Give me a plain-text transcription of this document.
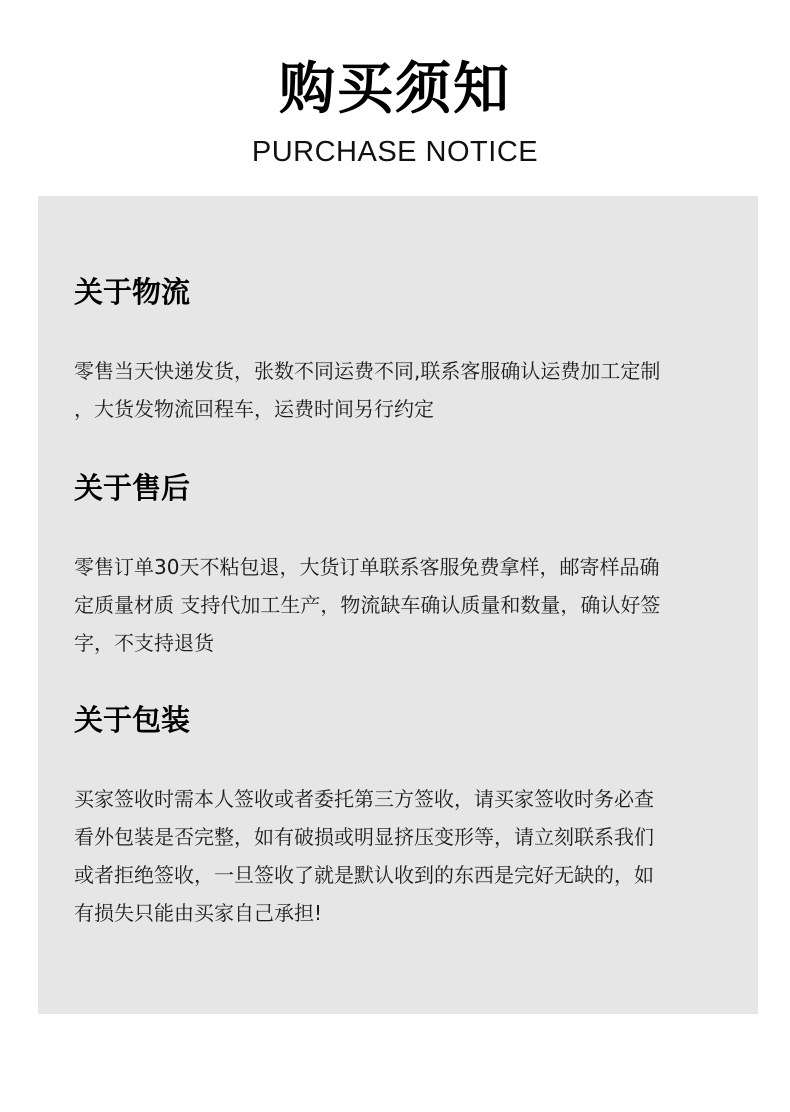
购买须知
PURCHASE NOTICE
关于物流

零售当天快递发货，张数不同运费不同,联系客服确认运费加工定制
，大货发物流回程车，运费时间另行约定

关于售后

零售订单30天不粘包退，大货订单联系客服免费拿样，邮寄样品确
定质量材质 支持代加工生产，物流缺车确认质量和数量，确认好签
字，不支持退货

关于包装

买家签收时需本人签收或者委托第三方签收，请买家签收时务必查
看外包装是否完整，如有破损或明显挤压变形等，请立刻联系我们
或者拒绝签收，一旦签收了就是默认收到的东西是完好无缺的，如
有损失只能由买家自己承担!
